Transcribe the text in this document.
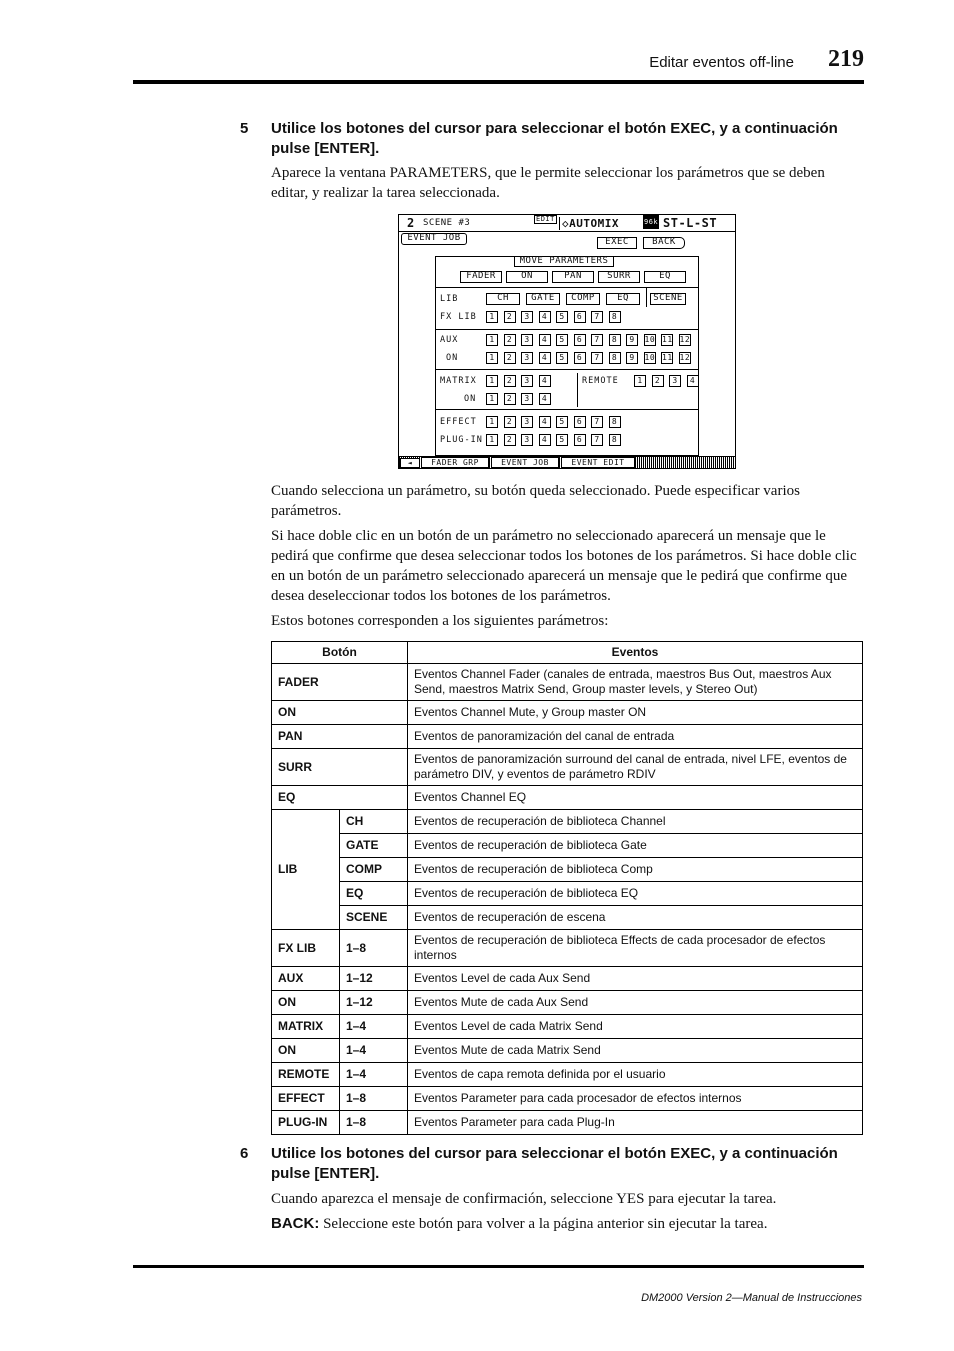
Editar eventos off-line 219
5 Utilice los botones del cursor para seleccionar el botón EXEC, y a continuación pulse [ENTER].
Aparece la ventana PARAMETERS, que le permite seleccionar los parámetros que se deben editar, y realizar la tarea seleccionada.
2 SCENE #3	EDIT ◇AUTOMIX	96k ST-L-ST
EVENT JOB	EXEC	BACK
MOVE PARAMETERS
FADER	ON	PAN	SURR	EQ
LIB	CH	GATE	COMP	EQ	SCENE
FX LIB	1	2	3	4	5	6	7	8
AUX
ON
1	2	3	4	5	6	7	8	9	10 11 12
1	2	3	4	5	6	7	8	9	10 11 12
MATRIX
ON
1	2	3	4
1	2	3	4
REMOTE	1	2	3	4
EFFECT
PLUG-IN
1	2	3	4	5	6	7	8
1	2	3	4	5	6	7	8
◄	FADER GRP	EVENT JOB	EVENT EDIT
Cuando selecciona un parámetro, su botón queda seleccionado. Puede especificar varios parámetros.
Si hace doble clic en un botón de un parámetro no seleccionado aparecerá un mensaje que le pedirá que confirme que desea seleccionar todos los botones de los parámetros. Si hace doble clic en un botón de un parámetro seleccionado aparecerá un mensaje que le pedirá que confirme que desea deseleccionar todos los botones de los parámetros.
Estos botones corresponden a los siguientes parámetros:
Botón		Eventos
FADER		Eventos Channel Fader (canales de entrada, maestros Bus Out, maestros Aux Send, maestros Matrix Send, Group master levels, y Stereo Out)
ON		Eventos Channel Mute, y Group master ON
PAN		Eventos de panoramización del canal de entrada
SURR		Eventos de panoramización surround del canal de entrada, nivel LFE, eventos de parámetro DIV, y eventos de parámetro RDIV
EQ		Eventos Channel EQ
LIB	CH	Eventos de recuperación de biblioteca Channel
	GATE	Eventos de recuperación de biblioteca Gate
	COMP	Eventos de recuperación de biblioteca Comp
	EQ	Eventos de recuperación de biblioteca EQ
	SCENE	Eventos de recuperación de escena
FX LIB	1–8	Eventos de recuperación de biblioteca Effects de cada procesador de efectos internos
AUX	1–12	Eventos Level de cada Aux Send
ON	1–12	Eventos Mute de cada Aux Send
MATRIX	1–4	Eventos Level de cada Matrix Send
ON	1–4	Eventos Mute de cada Matrix Send
REMOTE	1–4	Eventos de capa remota definida por el usuario
EFFECT	1–8	Eventos Parameter para cada procesador de efectos internos
PLUG-IN	1–8	Eventos Parameter para cada Plug-In
6 Utilice los botones del cursor para seleccionar el botón EXEC, y a continuación pulse [ENTER].
Cuando aparezca el mensaje de confirmación, seleccione YES para ejecutar la tarea.
BACK: Seleccione este botón para volver a la página anterior sin ejecutar la tarea.
DM2000 Version 2—Manual de Instrucciones
